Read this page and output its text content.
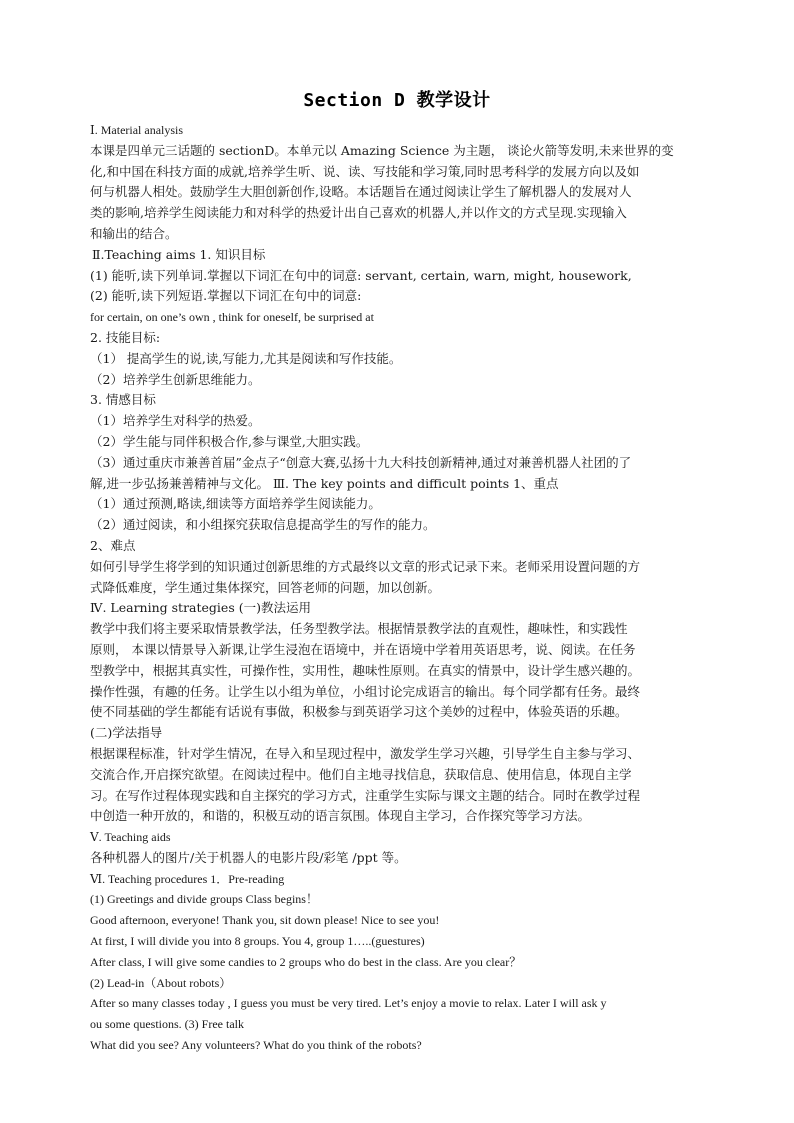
Section D 教学设计

Ⅰ. Material analysis

本课是四单元三话题的 sectionD。本单元以 Amazing Science 为主题， 谈论火箭等发明,未来世界的变

化,和中国在科技方面的成就,培养学生听、说、读、写技能和学习策,同时思考科学的发展方向以及如

何与机器人相处。鼓励学生大胆创新创作,设略。本话题旨在通过阅读让学生了解机器人的发展对人

类的影响,培养学生阅读能力和对科学的热爱计出自己喜欢的机器人,并以作文的方式呈现.实现输入

和输出的结合。

Ⅱ.Teaching aims 1. 知识目标

(1) 能听,读下列单词.掌握以下词汇在句中的词意: servant, certain, warn, might, housework,

(2) 能听,读下列短语.掌握以下词汇在句中的词意:

for certain, on one’s own , think for oneself, be surprised at

2. 技能目标:

（1） 提高学生的说,读,写能力,尤其是阅读和写作技能。

（2）培养学生创新思维能力。

3. 情感目标

（1）培养学生对科学的热爱。

（2）学生能与同伴积极合作,参与课堂,大胆实践。

（3）通过重庆市兼善首届”金点子“创意大赛,弘扬十九大科技创新精神,通过对兼善机器人社团的了

解,进一步弘扬兼善精神与文化。 Ⅲ. The key points and difficult points 1、重点

（1）通过预测,略读,细读等方面培养学生阅读能力。

（2）通过阅读，和小组探究获取信息提高学生的写作的能力。

2、难点

如何引导学生将学到的知识通过创新思维的方式最终以文章的形式记录下来。老师采用设置问题的方

式降低难度，学生通过集体探究，回答老师的问题，加以创新。

Ⅳ. Learning strategies (一)教法运用

教学中我们将主要采取情景教学法，任务型教学法。根据情景教学法的直观性，趣味性，和实践性

原则， 本课以情景导入新课,让学生浸泡在语境中，并在语境中学着用英语思考，说、阅读。在任务

型教学中，根据其真实性，可操作性，实用性，趣味性原则。在真实的情景中，设计学生感兴趣的。

操作性强，有趣的任务。让学生以小组为单位，小组讨论完成语言的输出。每个同学都有任务。最终

使不同基础的学生都能有话说有事做，积极参与到英语学习这个美妙的过程中，体验英语的乐趣。

(二)学法指导

根据课程标准，针对学生情况，在导入和呈现过程中，激发学生学习兴趣，引导学生自主参与学习、

交流合作,开启探究欲望。在阅读过程中。他们自主地寻找信息，获取信息、使用信息，体现自主学

习。在写作过程体现实践和自主探究的学习方式，注重学生实际与课文主题的结合。同时在教学过程

中创造一种开放的，和谐的，积极互动的语言氛围。体现自主学习，合作探究等学习方法。

Ⅴ. Teaching aids

各种机器人的图片/关于机器人的电影片段/彩笔 /ppt 等。

Ⅵ. Teaching procedures 1．Pre-reading

(1) Greetings and divide groups Class begins！

Good afternoon, everyone! Thank you, sit down please! Nice to see you!

At first, I will divide you into 8 groups. You 4, group 1…..(guestures)

After class, I will give some candies to 2 groups who do best in the class. Are you clear？

(2) Lead-in（About robots）

After so many classes today , I guess you must be very tired. Let’s enjoy a movie to relax. Later I will ask y

ou some questions. (3) Free talk

What did you see? Any volunteers? What do you think of the robots?
